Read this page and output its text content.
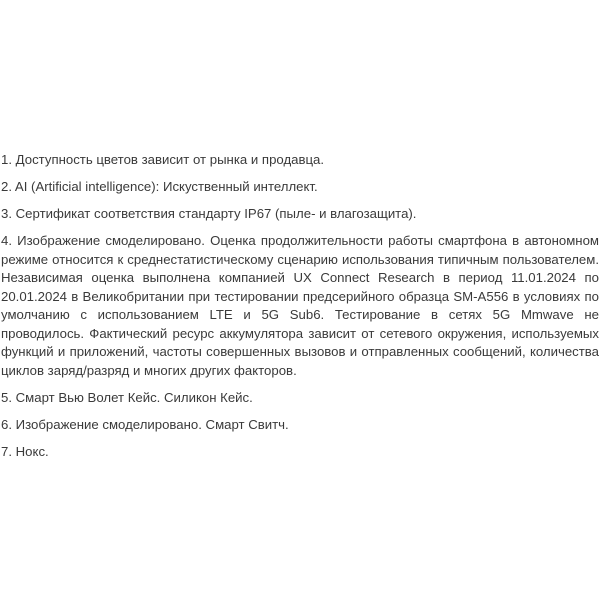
1. Доступность цветов зависит от рынка и продавца.

2. AI (Artificial intelligence): Искуственный интеллект.

3. Сертификат соответствия стандарту IP67 (пыле- и влагозащита).

4. Изображение смоделировано. Оценка продолжительности работы смартфона в автономном режиме относится к среднестатистическому сценарию использования типичным пользователем. Независимая оценка выполнена компанией UX Connect Research в период 11.01.2024 по 20.01.2024 в Великобритании при тестировании предсерийного образца SM-A556 в условиях по умолчанию с использованием LTE и 5G Sub6. Тестирование в сетях 5G Mmwave не проводилось. Фактический ресурс аккумулятора зависит от сетевого окружения, используемых функций и приложений, частоты совершенных вызовов и отправленных сообщений, количества циклов заряд/разряд и многих других факторов.

5. Смарт Вью Волет Кейс. Силикон Кейс.

6. Изображение смоделировано. Смарт Свитч.

7. Нокс.
